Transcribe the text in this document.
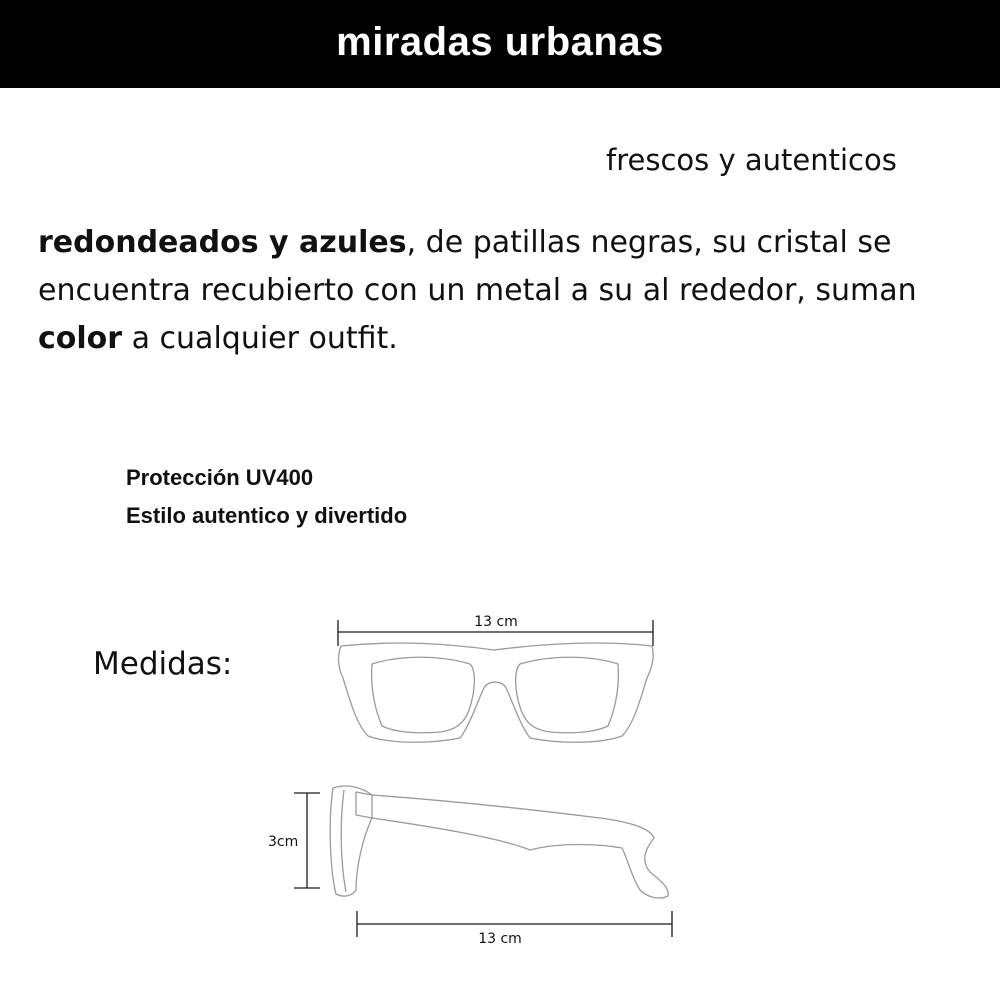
miradas urbanas
frescos y autenticos
redondeados y azules, de patillas negras, su cristal se encuentra recubierto con un metal a su al rededor, suman color a cualquier outfit.
Protección UV400
Estilo autentico y divertido
Medidas:
13 cm
3cm
13 cm
